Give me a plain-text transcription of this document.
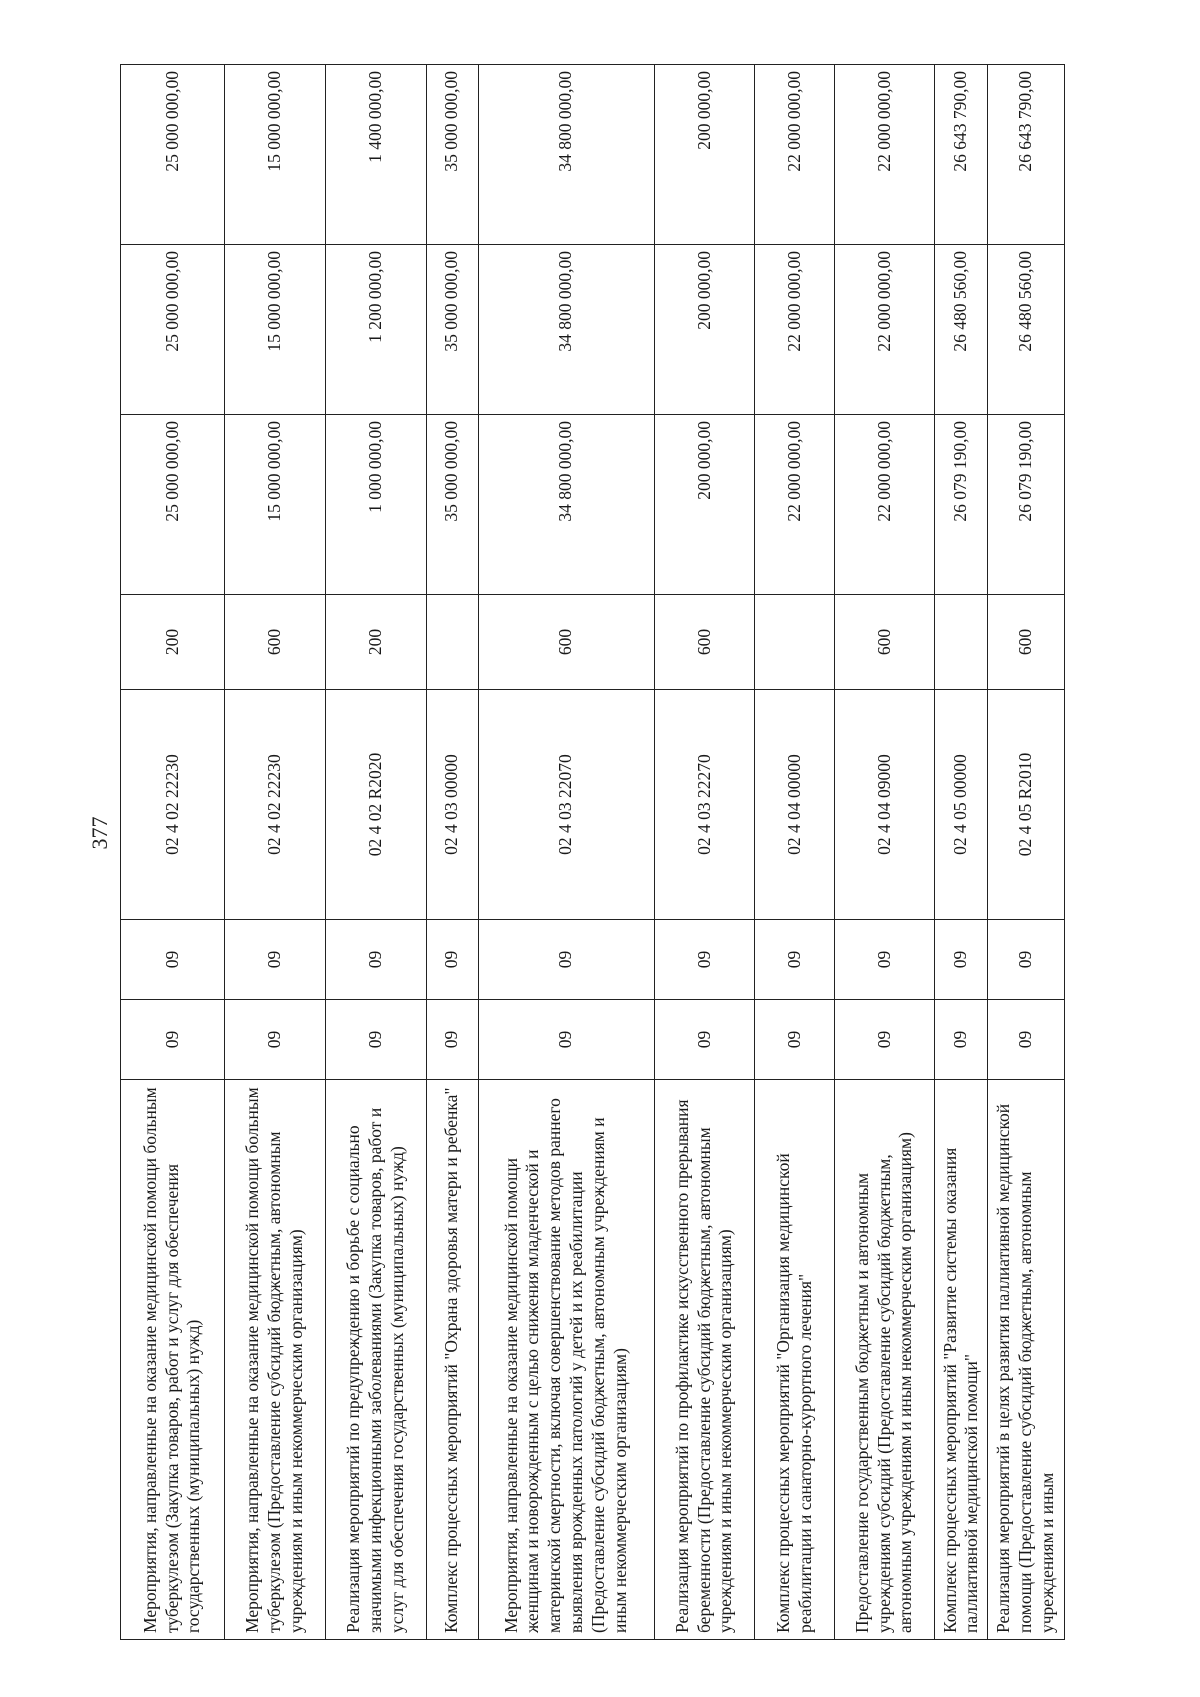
377
Мероприятия, направленные на оказание медицинской помощи больным туберкулезом (Закупка товаров, работ и услуг для обеспечения государственных (муниципальных) нужд)	09	09	02 4 02 22230	200	25 000 000,00	25 000 000,00	25 000 000,00
Мероприятия, направленные на оказание медицинской помощи больным туберкулезом (Предоставление субсидий бюджетным, автономным учреждениям и иным некоммерческим организациям)	09	09	02 4 02 22230	600	15 000 000,00	15 000 000,00	15 000 000,00
Реализация мероприятий по предупреждению и борьбе с социально значимыми инфекционными заболеваниями (Закупка товаров, работ и услуг для обеспечения государственных (муниципальных) нужд)	09	09	02 4 02 R2020	200	1 000 000,00	1 200 000,00	1 400 000,00
Комплекс процессных мероприятий "Охрана здоровья матери и ребенка"	09	09	02 4 03 00000		35 000 000,00	35 000 000,00	35 000 000,00
Мероприятия, направленные на оказание медицинской помощи женщинам и новорожденным с целью снижения младенческой и материнской смертности, включая совершенствование методов раннего выявления врожденных патологий у детей и их реабилитации (Предоставление субсидий бюджетным, автономным учреждениям и иным некоммерческим организациям)	09	09	02 4 03 22070	600	34 800 000,00	34 800 000,00	34 800 000,00
Реализация мероприятий по профилактике искусственного прерывания беременности (Предоставление субсидий бюджетным, автономным учреждениям и иным некоммерческим организациям)	09	09	02 4 03 22270	600	200 000,00	200 000,00	200 000,00
Комплекс процессных мероприятий "Организация медицинской реабилитации и санаторно-курортного лечения"	09	09	02 4 04 00000		22 000 000,00	22 000 000,00	22 000 000,00
Предоставление государственным бюджетным и автономным учреждениям субсидий (Предоставление субсидий бюджетным, автономным учреждениям и иным некоммерческим организациям)	09	09	02 4 04 09000	600	22 000 000,00	22 000 000,00	22 000 000,00
Комплекс процессных мероприятий "Развитие системы оказания паллиативной медицинской помощи"	09	09	02 4 05 00000		26 079 190,00	26 480 560,00	26 643 790,00
Реализация мероприятий в целях развития паллиативной медицинской помощи (Предоставление субсидий бюджетным, автономным учреждениям и иным	09	09	02 4 05 R2010	600	26 079 190,00	26 480 560,00	26 643 790,00
